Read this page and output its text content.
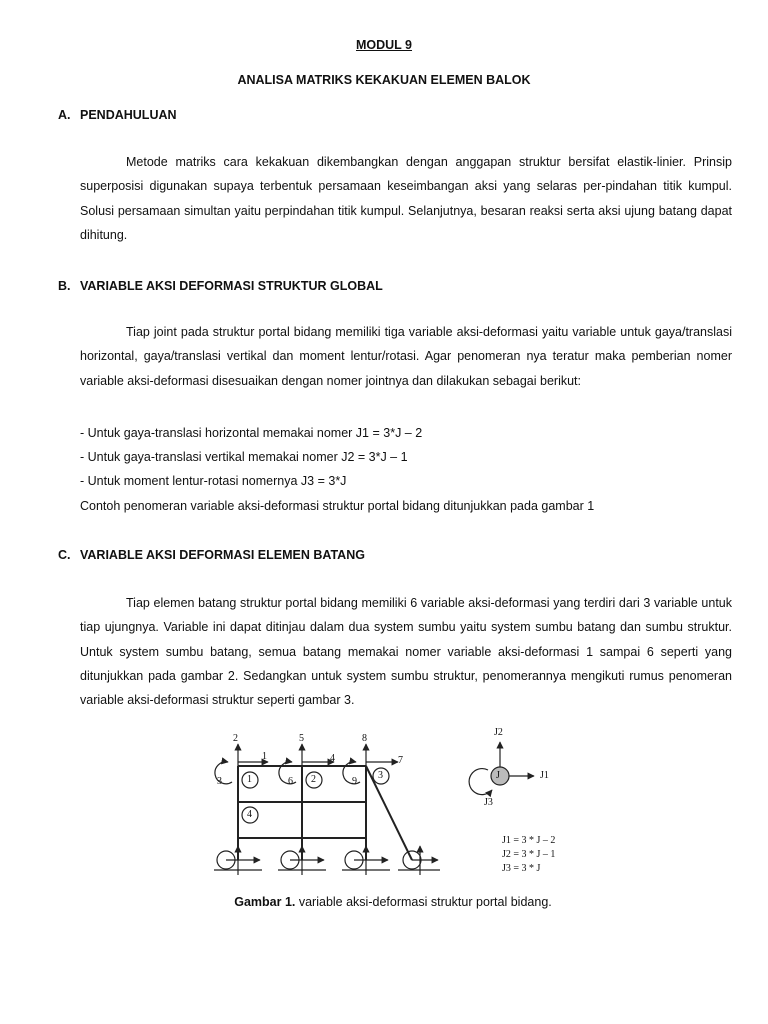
MODUL 9
ANALISA MATRIKS KEKAKUAN ELEMEN BALOK
A. PENDAHULUAN

Metode matriks cara kekakuan dikembangkan dengan anggapan struktur bersifat elastik-linier. Prinsip superposisi digunakan supaya terbentuk persamaan keseimbangan aksi yang selaras per-pindahan titik kumpul. Solusi persamaan simultan yaitu perpindahan titik kumpul. Selanjutnya, besaran reaksi serta aksi ujung batang dapat dihitung.

B. VARIABLE AKSI DEFORMASI STRUKTUR GLOBAL

Tiap joint pada struktur portal bidang memiliki tiga variable aksi-deformasi yaitu variable untuk gaya/translasi horizontal, gaya/translasi vertikal dan moment lentur/rotasi. Agar penomeran nya teratur maka pemberian nomer variable aksi-deformasi disesuaikan dengan nomer jointnya dan dilakukan sebagai berikut:

- Untuk gaya-translasi horizontal memakai nomer J1 = 3*J – 2
- Untuk gaya-translasi vertikal memakai nomer J2 = 3*J – 1
- Untuk moment lentur-rotasi nomernya J3 = 3*J
Contoh penomeran variable aksi-deformasi struktur portal bidang ditunjukkan pada gambar 1
C. VARIABLE AKSI DEFORMASI ELEMEN BATANG

Tiap elemen batang struktur portal bidang memiliki 6 variable aksi-deformasi yang terdiri dari 3 variable untuk tiap ujungnya. Variable ini dapat ditinjau dalam dua system sumbu yaitu system sumbu batang dan sumbu struktur. Untuk system sumbu batang, semua batang memakai nomer variable aksi-deformasi 1 sampai 6 seperti yang ditunjukkan pada gambar 2. Sedangkan untuk system sumbu struktur, penomerannya mengikuti rumus penomeran variable aksi-deformasi struktur seperti gambar 3.

1
2
3
4
5
6
7
8
9
1	2	3
4
J	J1
J2
J3
J1 = 3 * J – 2
J2 = 3 * J – 1
J3 = 3 * J
Gambar 1. variable aksi-deformasi struktur portal bidang.
